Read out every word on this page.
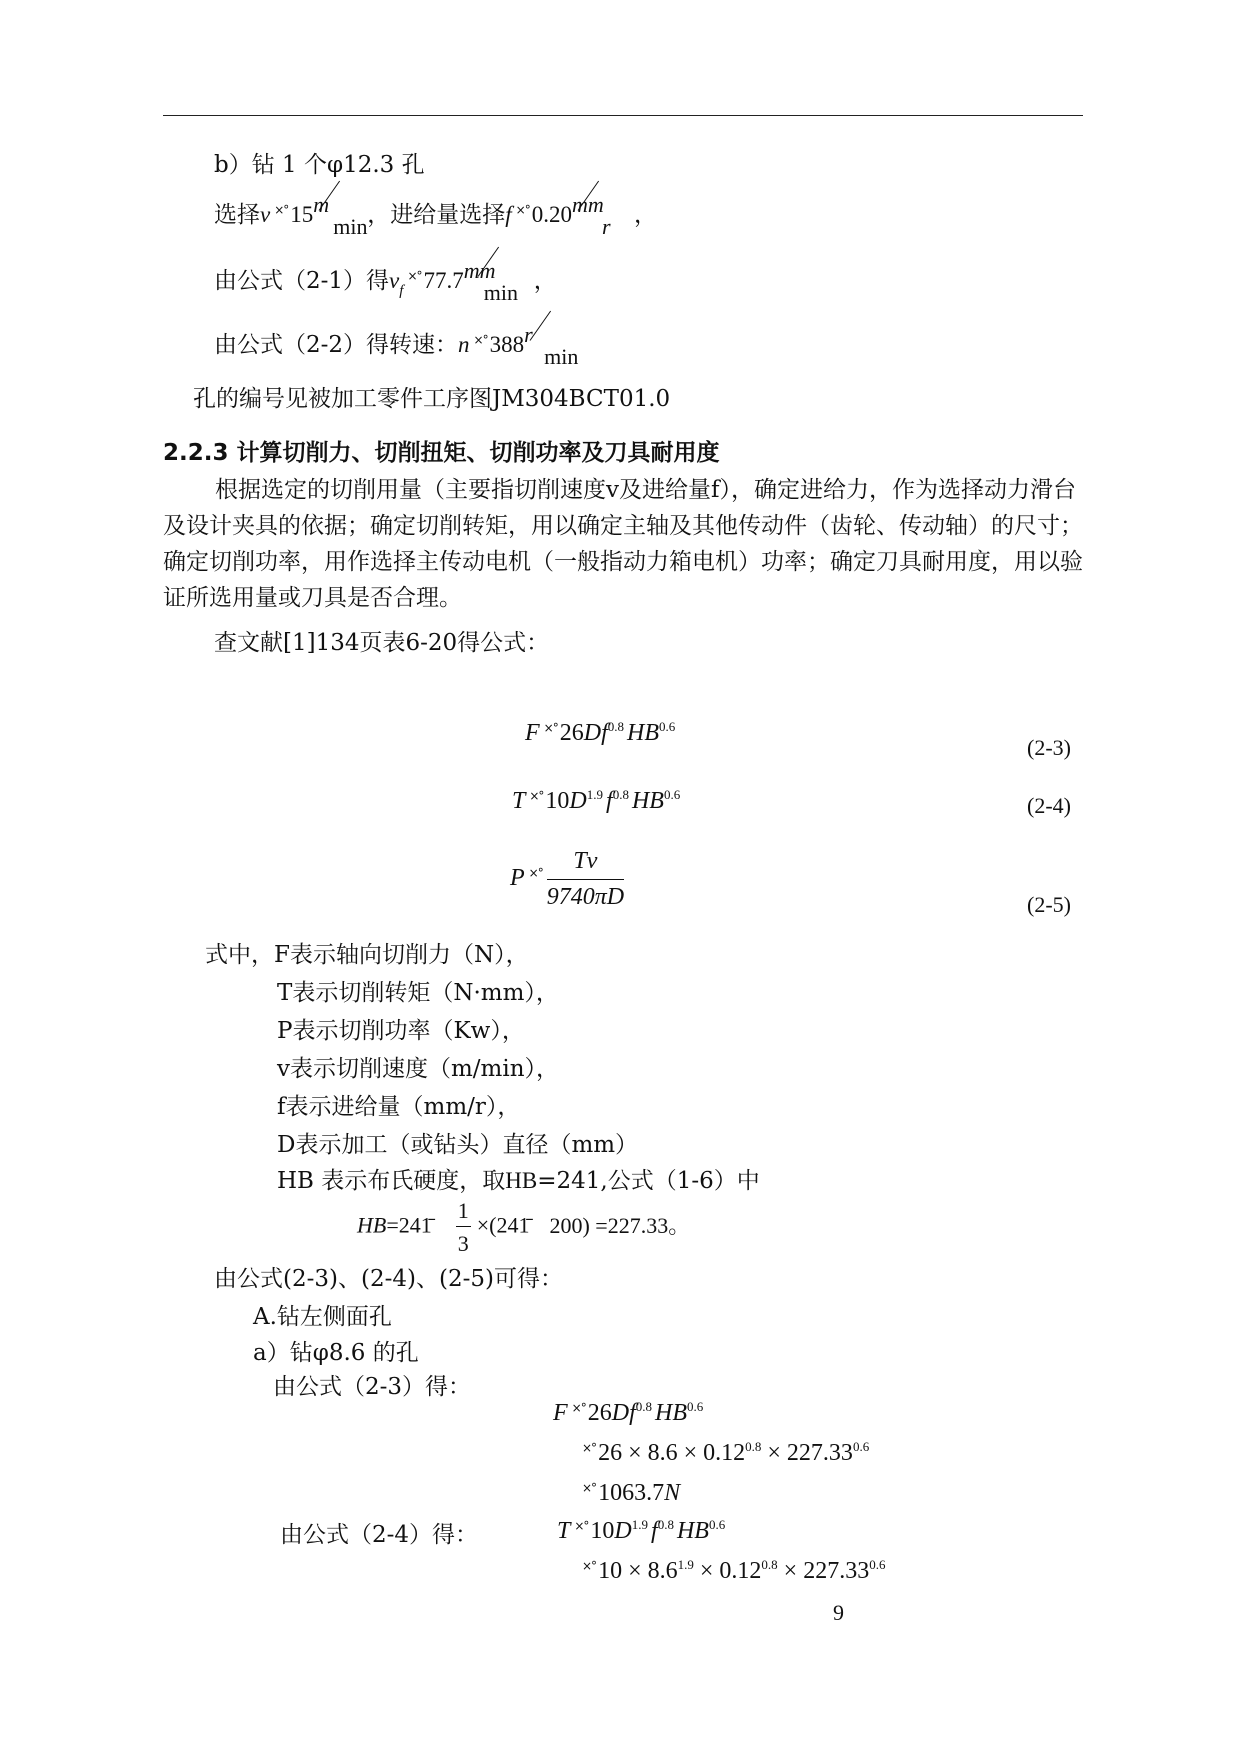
b）钻 1 个φ12.3 孔
选择v ×°15 m
min ，进给量选择f ×°0.20 mm
r ，
由公式（2-1）得$v_f^{\times^\circ}77.7$ mm
min ，
由公式（2-2）得转速：n ×°388 r
min
孔的编号见被加工零件工序图JM304BCT01.0
2.2.3 计算切削力、切削扭矩、切削功率及刀具耐用度
根据选定的切削用量（主要指切削速度v及进给量f），确定进给力，作为选择动力滑台及设计夹具的依据；确定切削转矩，用以确定主轴及其他传动件（齿轮、传动轴）的尺寸；确定切削功率，用作选择主传动电机（一般指动力箱电机）功率；确定刀具耐用度，用以验证所选用量或刀具是否合理。
查文献[1]134页表6-20得公式：
F $^{\times^\circ}26Df^{0.8}$ $HB^{0.6}$
(2-3)
T $^{\times^\circ}10D^{1.9}$ $f^{0.8}$ $HB^{0.6}$	(2-4)
P $^{\times^\circ} \frac{Tv}{9740\pi D}$	(2-5)
式中，F表示轴向切削力（N），
T表示切削转矩（N·mm），
P表示切削功率（Kw），
v表示切削速度（m/min），
f表示进给量（mm/r），
D表示加工（或钻头）直径（mm）
HB 表示布氏硬度，取HB=241,公式（1-6）中
HB=241̄ $\frac{1}{3}$ ×(241̄ 200) =227.33。
由公式(2-3)、(2-4)、(2-5)可得：
A.钻左侧面孔
a）钻φ8.6 的孔
由公式（2-3）得：
F $^{\times^\circ}26Df^{0.8}$ $HB^{0.6}$
$^{\times^\circ}26 \times 8.6 \times 0.12^{0.8} \times 227.33^{0.6}$
×°1063.7N
由公式（2-4）得：	T $^{\times^\circ}10D^{1.9}$ $f^{0.8}$ $HB^{0.6}$
$^{\times^\circ}10 \times 8.6^{1.9} \times 0.12^{0.8} \times 227.33^{0.6}$
9
